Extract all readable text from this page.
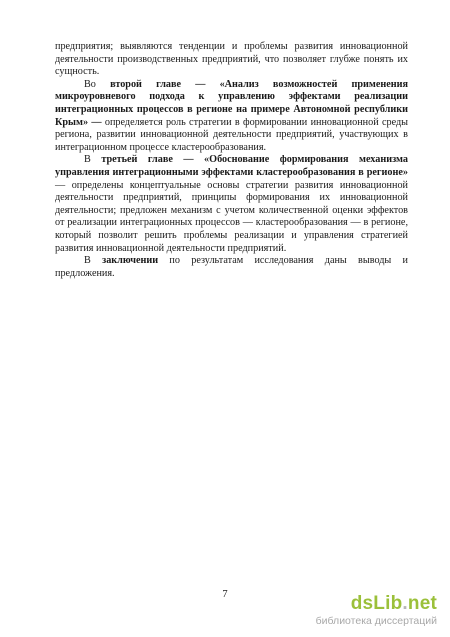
предприятия; выявляются тенденции и проблемы развития инновационной деятельности производственных предприятий, что позволяет глубже понять их сущность.

Во второй главе — «Анализ возможностей применения микроуровневого подхода к управлению эффектами реализации интеграционных процессов в регионе на примере Автономной республики Крым» — определяется роль стратегии в формировании инновационной среды региона, развитии инновационной деятельности предприятий, участвующих в интеграционном процессе кластерообразования.

В третьей главе — «Обоснование формирования механизма управления интеграционными эффектами кластерообразования в регионе» — определены концептуальные основы стратегии развития инновационной деятельности предприятий, принципы формирования их инновационной деятельности; предложен механизм с учетом количественной оценки эффектов от реализации интеграционных процессов — кластерообразования — в регионе, который позволит решить проблемы реализации и управления стратегией развития инновационной деятельности предприятий.

В заключении по результатам исследования даны выводы и предложения.

7	dsLib.net
библиотека диссертаций
